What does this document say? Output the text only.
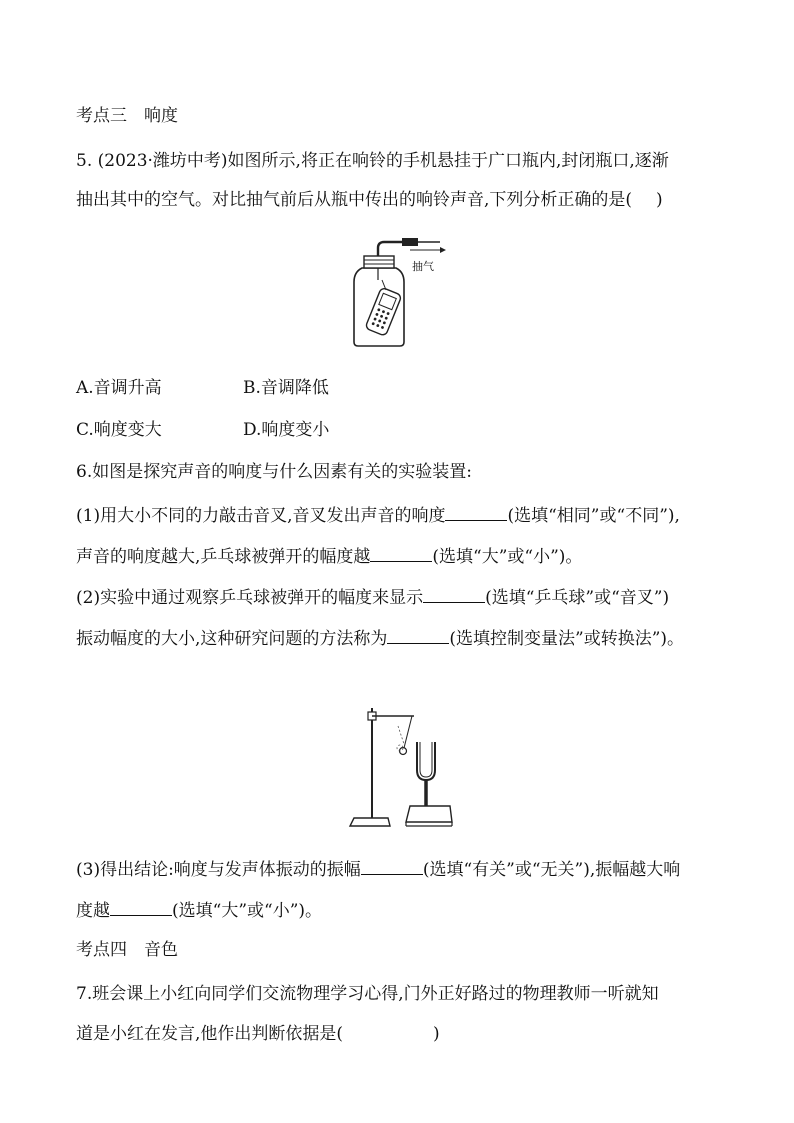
考点三　响度
5. (2023·潍坊中考)如图所示,将正在响铃的手机悬挂于广口瓶内,封闭瓶口,逐渐
抽出其中的空气。对比抽气前后从瓶中传出的响铃声音,下列分析正确的是( )
抽气
A.音调升高	B.音调降低
C.响度变大	D.响度变小
6.如图是探究声音的响度与什么因素有关的实验装置:
(1)用大小不同的力敲击音叉,音叉发出声音的响度	(选填“相同”或“不同”),
声音的响度越大,乒乓球被弹开的幅度越	(选填“大”或“小”)。
(2)实验中通过观察乒乓球被弹开的幅度来显示	(选填“乒乓球”或“音叉”)
振动幅度的大小,这种研究问题的方法称为	(选填控制变量法”或转换法”)。
(3)得出结论:响度与发声体振动的振幅	(选填“有关”或“无关”),振幅越大响
度越	(选填“大”或“小”)。
考点四　音色
7.班会课上小红向同学们交流物理学习心得,门外正好路过的物理教师一听就知
道是小红在发言,他作出判断依据是(	)
